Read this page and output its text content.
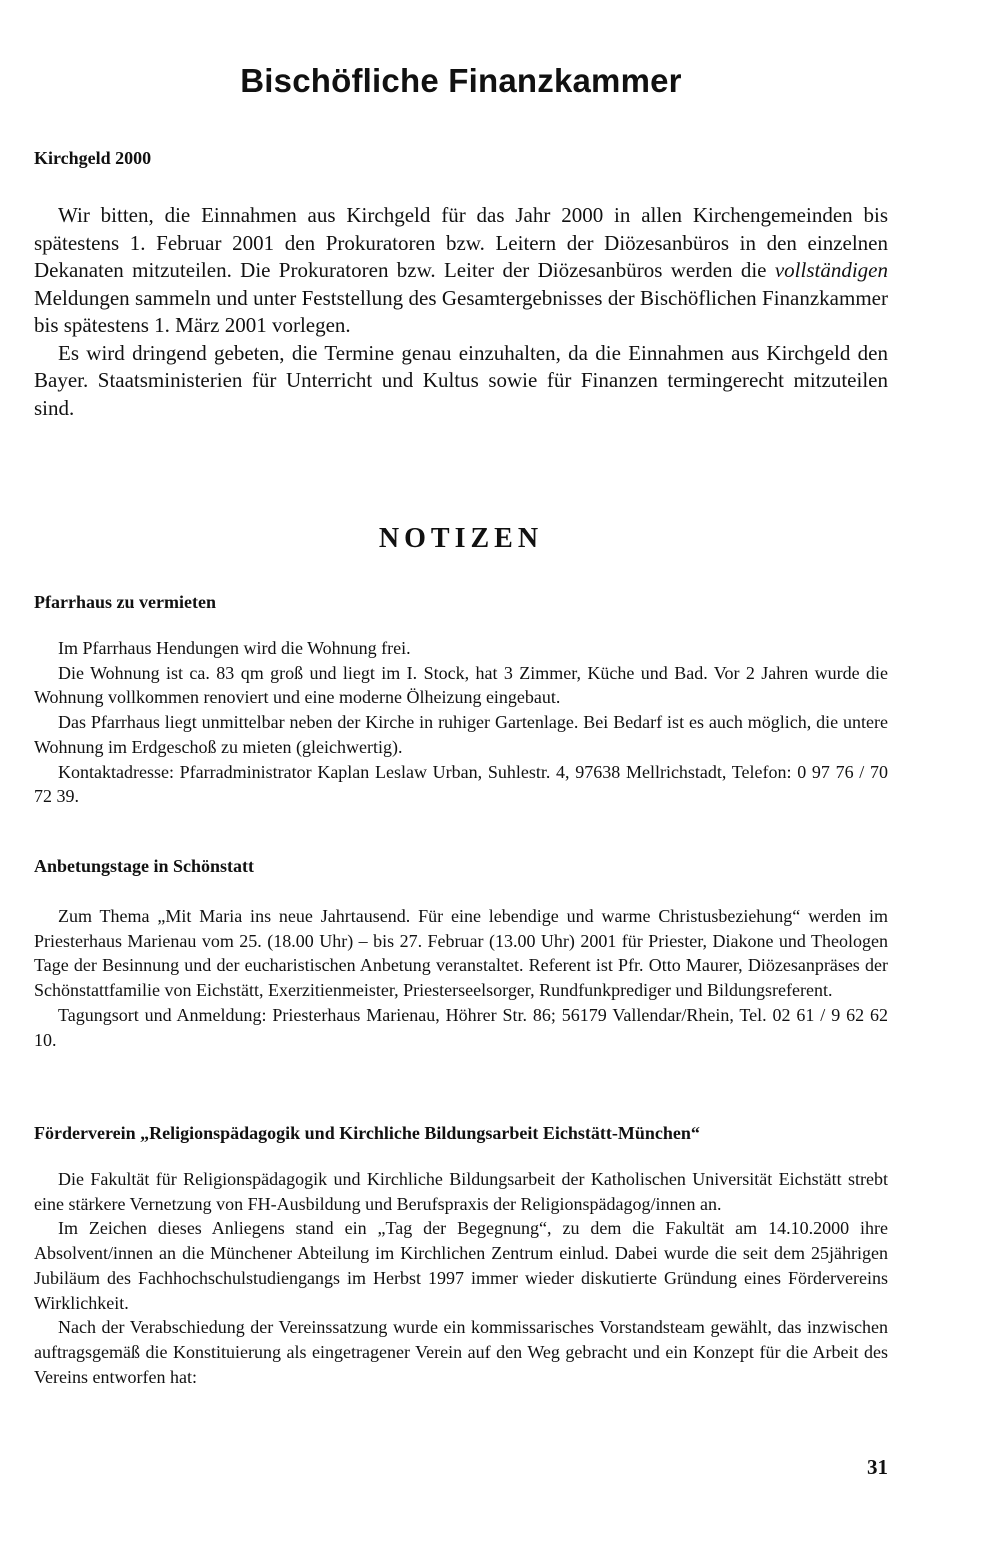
Bischöfliche Finanzkammer
Kirchgeld 2000

Wir bitten, die Einnahmen aus Kirchgeld für das Jahr 2000 in allen Kirchengemeinden bis spätestens 1. Februar 2001 den Prokuratoren bzw. Leitern der Diözesanbüros in den einzelnen Dekanaten mitzuteilen. Die Prokuratoren bzw. Leiter der Diözesanbüros werden die vollständigen Meldungen sammeln und unter Feststellung des Gesamtergebnisses der Bischöflichen Finanzkammer bis spätestens 1. März 2001 vorlegen.

Es wird dringend gebeten, die Termine genau einzuhalten, da die Einnahmen aus Kirchgeld den Bayer. Staatsministerien für Unterricht und Kultus sowie für Finanzen termingerecht mitzuteilen sind.

NOTIZEN
Pfarrhaus zu vermieten

Im Pfarrhaus Hendungen wird die Wohnung frei.

Die Wohnung ist ca. 83 qm groß und liegt im I. Stock, hat 3 Zimmer, Küche und Bad. Vor 2 Jahren wurde die Wohnung vollkommen renoviert und eine moderne Ölheizung eingebaut.

Das Pfarrhaus liegt unmittelbar neben der Kirche in ruhiger Gartenlage. Bei Bedarf ist es auch möglich, die untere Wohnung im Erdgeschoß zu mieten (gleichwertig).

Kontaktadresse: Pfarradministrator Kaplan Leslaw Urban, Suhlestr. 4, 97638 Mellrichstadt, Telefon: 0 97 76 / 70 72 39.

Anbetungstage in Schönstatt

Zum Thema „Mit Maria ins neue Jahrtausend. Für eine lebendige und warme Christusbeziehung“ werden im Priesterhaus Marienau vom 25. (18.00 Uhr) – bis 27. Februar (13.00 Uhr) 2001 für Priester, Diakone und Theologen Tage der Besinnung und der eucharistischen Anbetung veranstaltet. Referent ist Pfr. Otto Maurer, Diözesanpräses der Schönstattfamilie von Eichstätt, Exerzitienmeister, Priesterseelsorger, Rundfunkprediger und Bildungsreferent.

Tagungsort und Anmeldung: Priesterhaus Marienau, Höhrer Str. 86; 56179 Vallendar/Rhein, Tel. 02 61 / 9 62 62 10.

Förderverein „Religionspädagogik und Kirchliche Bildungsarbeit Eichstätt-München“

Die Fakultät für Religionspädagogik und Kirchliche Bildungsarbeit der Katholischen Universität Eichstätt strebt eine stärkere Vernetzung von FH-Ausbildung und Berufspraxis der Religionspädagog/innen an.

Im Zeichen dieses Anliegens stand ein „Tag der Begegnung“, zu dem die Fakultät am 14.10.2000 ihre Absolvent/innen an die Münchener Abteilung im Kirchlichen Zentrum einlud. Dabei wurde die seit dem 25jährigen Jubiläum des Fachhochschulstudiengangs im Herbst 1997 immer wieder diskutierte Gründung eines Fördervereins Wirklichkeit.

Nach der Verabschiedung der Vereinssatzung wurde ein kommissarisches Vorstandsteam gewählt, das inzwischen auftragsgemäß die Konstituierung als eingetragener Verein auf den Weg gebracht und ein Konzept für die Arbeit des Vereins entworfen hat:

31
